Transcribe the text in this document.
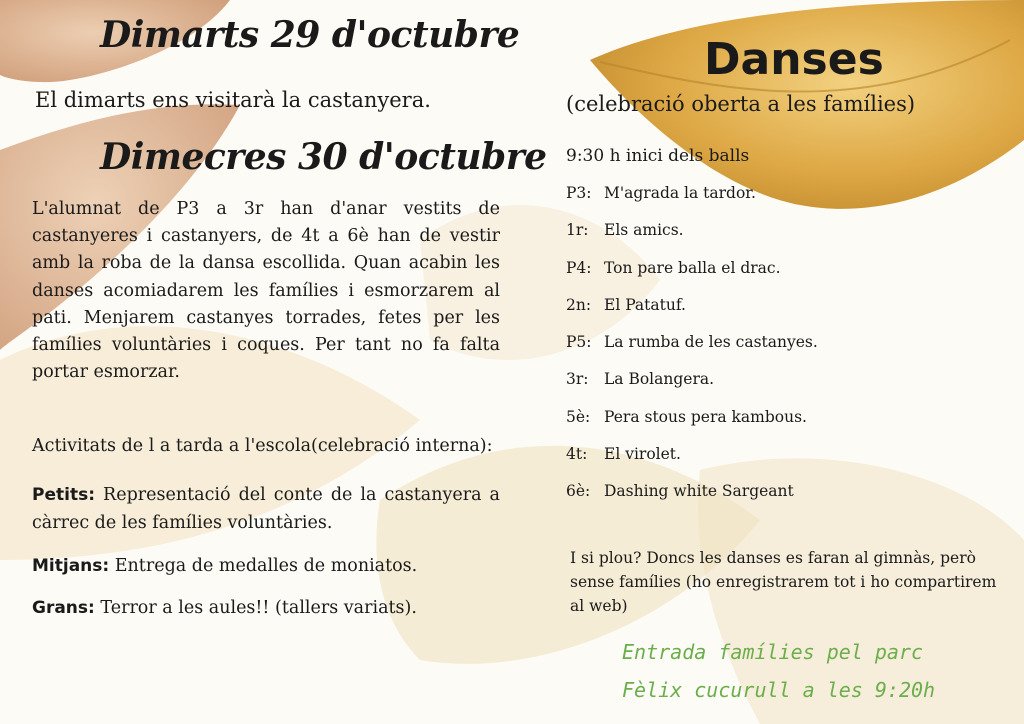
Dimarts 29 d'octubre
El dimarts ens visitarà la castanyera.
Dimecres 30 d'octubre
L'alumnat de P3 a 3r han d'anar vestits de castanyeres i castanyers, de 4t a 6è han de vestir amb la roba de la dansa escollida. Quan acabin les danses acomiadarem les famílies i esmorzarem al pati. Menjarem castanyes torrades, fetes per les famílies voluntàries i coques. Per tant no fa falta portar esmorzar.
Activitats de l a tarda a l'escola(celebració interna):
Petits: Representació del conte de la castanyera a càrrec de les famílies voluntàries.
Mitjans: Entrega de medalles de moniatos.
Grans: Terror a les aules!! (tallers variats).
Danses
(celebració oberta a les famílies)
9:30 h inici dels balls
P3: M'agrada la tardor.
1r:	Els amics.
P4: Ton pare balla el drac.
2n: El Patatuf.
P5: La rumba de les castanyes.
3r:	La Bolangera.
5è: Pera stous pera kambous.
4t:	El virolet.
6è: Dashing white Sargeant
I si plou? Doncs les danses es faran al gimnàs, però sense famílies (ho enregistrarem tot i ho compartirem al web)
Entrada famílies pel parc
Fèlix cucurull a les 9:20h
